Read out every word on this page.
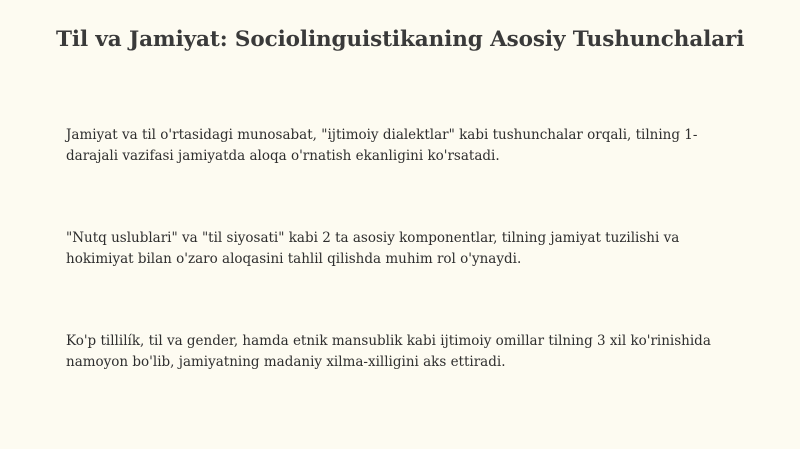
Til va Jamiyat: Sociolinguistikaning Asosiy Tushunchalari

Jamiyat va til o'rtasidagi munosabat, "ijtimoiy dialektlar" kabi tushunchalar orqali, tilning 1-darajali vazifasi jamiyatda aloqa o'rnatish ekanligini ko'rsatadi.

"Nutq uslublari" va "til siyosati" kabi 2 ta asosiy komponentlar, tilning jamiyat tuzilishi va hokimiyat bilan o'zaro aloqasini tahlil qilishda muhim rol o'ynaydi.

Ko'p tillilík, til va gender, hamda etnik mansublik kabi ijtimoiy omillar tilning 3 xil ko'rinishida namoyon bo'lib, jamiyatning madaniy xilma-xilligini aks ettiradi.
